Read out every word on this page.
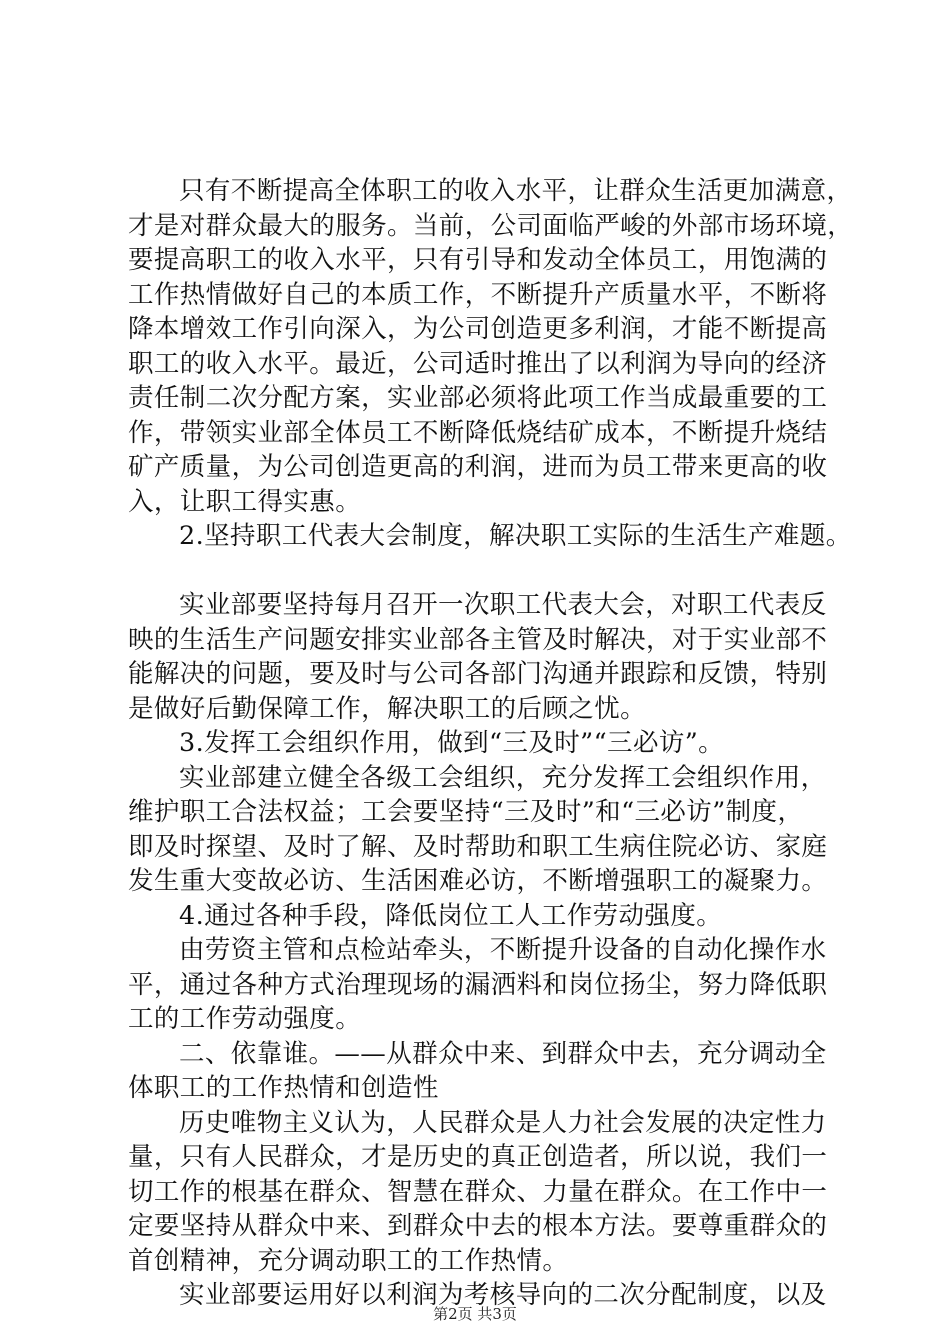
只有不断提高全体职工的收入水平，让群众生活更加满意，
才是对群众最大的服务。当前，公司面临严峻的外部市场环境，
要提高职工的收入水平，只有引导和发动全体员工，用饱满的
工作热情做好自己的本质工作，不断提升产质量水平，不断将
降本增效工作引向深入，为公司创造更多利润，才能不断提高
职工的收入水平。最近，公司适时推出了以利润为导向的经济
责任制二次分配方案，实业部必须将此项工作当成最重要的工
作，带领实业部全体员工不断降低烧结矿成本，不断提升烧结
矿产质量，为公司创造更高的利润，进而为员工带来更高的收
入，让职工得实惠。
2.坚持职工代表大会制度，解决职工实际的生活生产难题。
实业部要坚持每月召开一次职工代表大会，对职工代表反
映的生活生产问题安排实业部各主管及时解决，对于实业部不
能解决的问题，要及时与公司各部门沟通并跟踪和反馈，特别
是做好后勤保障工作，解决职工的后顾之忧。
3.发挥工会组织作用，做到“三及时”“三必访”。
实业部建立健全各级工会组织，充分发挥工会组织作用，
维护职工合法权益；工会要坚持“三及时”和“三必访”制度，
即及时探望、及时了解、及时帮助和职工生病住院必访、家庭
发生重大变故必访、生活困难必访，不断增强职工的凝聚力。
4.通过各种手段，降低岗位工人工作劳动强度。
由劳资主管和点检站牵头，不断提升设备的自动化操作水
平，通过各种方式治理现场的漏洒料和岗位扬尘，努力降低职
工的工作劳动强度。
二、依靠谁。——从群众中来、到群众中去，充分调动全
体职工的工作热情和创造性
历史唯物主义认为，人民群众是人力社会发展的决定性力
量，只有人民群众，才是历史的真正创造者，所以说，我们一
切工作的根基在群众、智慧在群众、力量在群众。在工作中一
定要坚持从群众中来、到群众中去的根本方法。要尊重群众的
首创精神，充分调动职工的工作热情。
实业部要运用好以利润为考核导向的二次分配制度，以及
第2页 共3页
